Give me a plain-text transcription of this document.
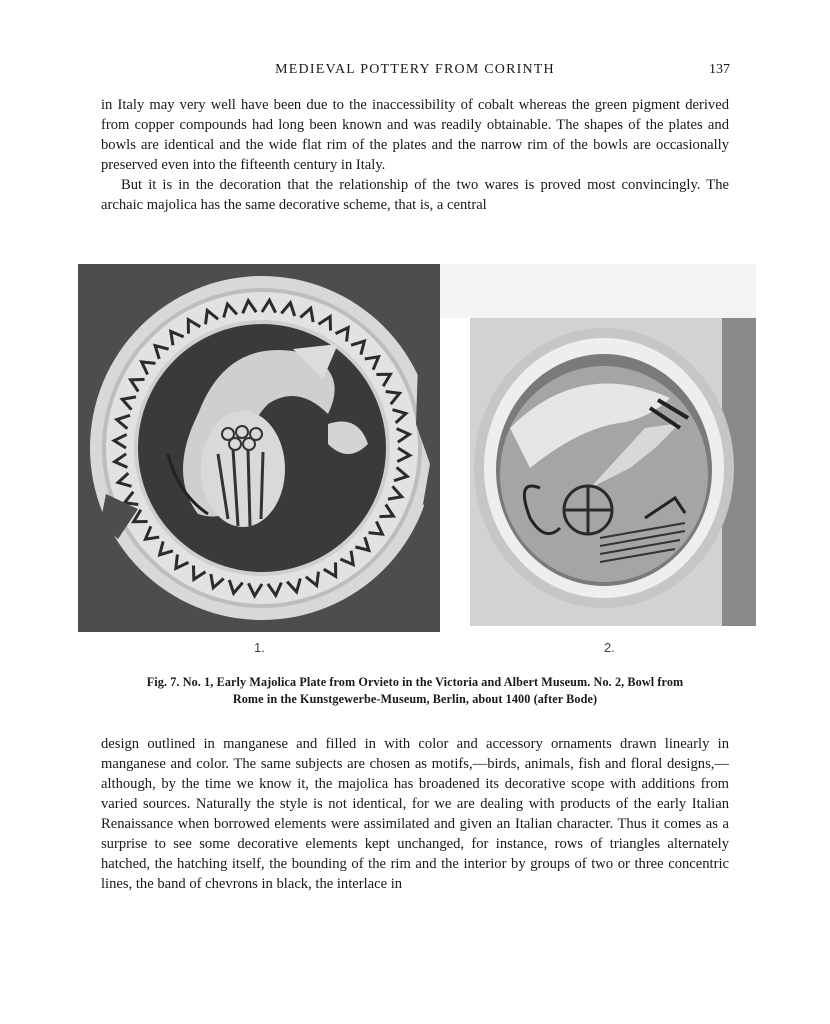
MEDIEVAL POTTERY FROM CORINTH	137

in Italy may very well have been due to the inaccessibility of cobalt whereas the green pigment derived from copper compounds had long been known and was readily obtainable. The shapes of the plates and bowls are identical and the wide flat rim of the plates and the narrow rim of the bowls are occasionally preserved even into the fifteenth century in Italy.

But it is in the decoration that the relationship of the two wares is proved most convincingly. The archaic majolica has the same decorative scheme, that is, a central

1.	2.
Fig. 7. No. 1, Early Majolica Plate from Orvieto in the Victoria and Albert Museum. No. 2, Bowl from
Rome in the Kunstgewerbe-Museum, Berlin, about 1400 (after Bode)

design outlined in manganese and filled in with color and accessory ornaments drawn linearly in manganese and color. The same subjects are chosen as motifs,—birds, animals, fish and floral designs,—although, by the time we know it, the majolica has broadened its decorative scope with additions from varied sources. Naturally the style is not identical, for we are dealing with products of the early Italian Renaissance when borrowed elements were assimilated and given an Italian character. Thus it comes as a surprise to see some decorative elements kept unchanged, for instance, rows of triangles alternately hatched, the hatching itself, the bounding of the rim and the interior by groups of two or three concentric lines, the band of chevrons in black, the interlace in
